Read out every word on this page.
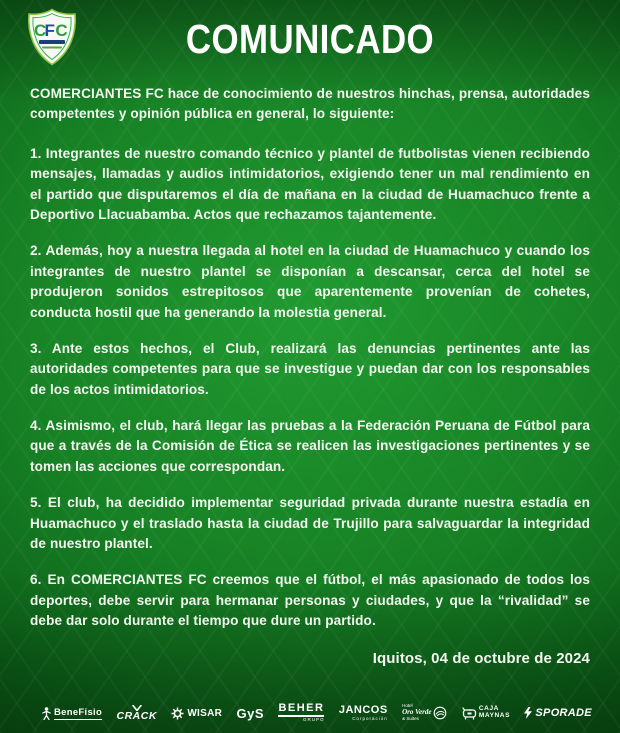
C F C	COMUNICADO

COMERCIANTES FC hace de conocimiento de nuestros hinchas, prensa, autoridades competentes y opinión pública en general, lo siguiente:

1. Integrantes de nuestro comando técnico y plantel de futbolistas vienen recibiendo mensajes, llamadas y audios intimidatorios, exigiendo tener un mal rendimiento en el partido que disputaremos el día de mañana en la ciudad de Huamachuco frente a Deportivo Llacuabamba. Actos que rechazamos tajantemente.

2. Además, hoy a nuestra llegada al hotel en la ciudad de Huamachuco y cuando los integrantes de nuestro plantel se disponían a descansar, cerca del hotel se produjeron sonidos estrepitosos que aparentemente provenían de cohetes, conducta hostil que ha generando la molestia general.

3. Ante estos hechos, el Club, realizará las denuncias pertinentes ante las autoridades competentes para que se investigue y puedan dar con los responsables de los actos intimidatorios.

4. Asimismo, el club, hará llegar las pruebas a la Federación Peruana de Fútbol para que a través de la Comisión de Ética se realicen las investigaciones pertinentes y se tomen las acciones que correspondan.

5. El club, ha decidido implementar seguridad privada durante nuestra estadía en Huamachuco y el traslado hasta la ciudad de Trujillo para salvaguardar la integridad de nuestro plantel.

6. En COMERCIANTES FC creemos que el fútbol, el más apasionado de todos los deportes, debe servir para hermanar personas y ciudades, y que la “rivalidad” se debe dar solo durante el tiempo que dure un partido.

Iquitos, 04 de octubre de 2024

BeneFisio CRACK	WISAR GyS BEHER
GRUPO
JANCOS
Corporación
Hotel
Oro Verde
& Suites
CAJA
MAYNAS SPORADE
